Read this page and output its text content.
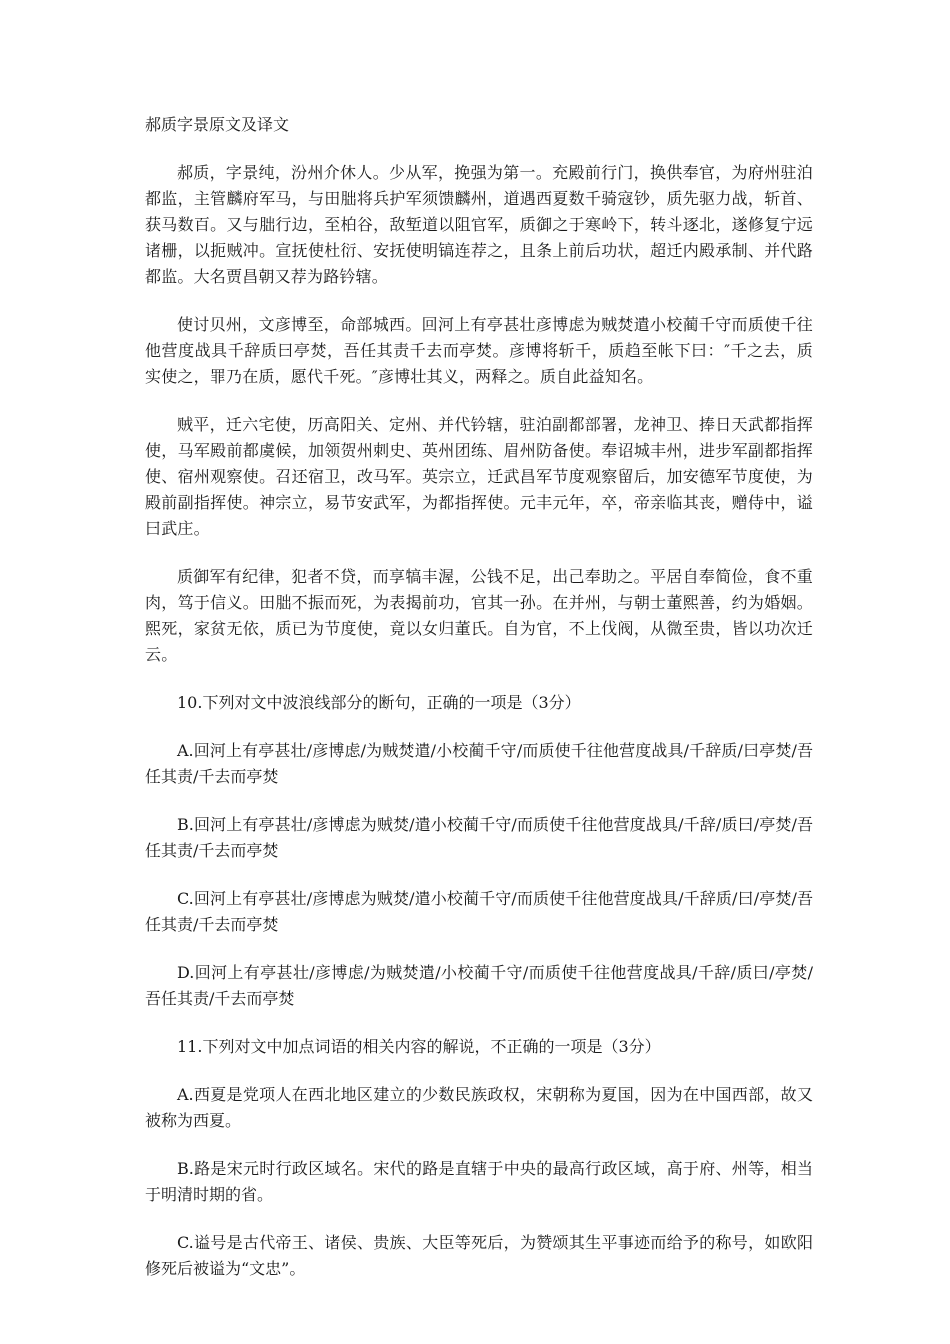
郝质字景原文及译文

郝质，字景纯，汾州介休人。少从军，挽强为第一。充殿前行门，换供奉官，为府州驻泊都监，主管麟府军马，与田朏将兵护军须馈麟州，道遇西夏数千骑寇钞，质先驱力战，斩首、获马数百。又与朏行边，至柏谷，敌堑道以阻官军，质御之于寒岭下，转斗逐北，遂修复宁远诸栅，以扼贼冲。宣抚使杜衍、安抚使明镐连荐之，且条上前后功状，超迁内殿承制、并代路都监。大名贾昌朝又荐为路钤辖。

使讨贝州，文彦博至，命部城西。回河上有亭甚壮彦博虑为贼焚遣小校蔺千守而质使千往他营度战具千辞质曰亭焚，吾任其责千去而亭焚。彦博将斩千，质趋至帐下曰：″千之去，质实使之，罪乃在质，愿代千死。″彦博壮其义，两释之。质自此益知名。

贼平，迁六宅使，历高阳关、定州、并代钤辖，驻泊副都部署，龙神卫、捧日天武都指挥使，马军殿前都虞候，加领贺州刺史、英州团练、眉州防备使。奉诏城丰州，进步军副都指挥使、宿州观察使。召还宿卫，改马军。英宗立，迁武昌军节度观察留后，加安德军节度使，为殿前副指挥使。神宗立，易节安武军，为都指挥使。元丰元年，卒，帝亲临其丧，赠侍中，谥曰武庄。

质御军有纪律，犯者不贷，而享犒丰渥，公钱不足，出己奉助之。平居自奉简俭，食不重肉，笃于信义。田朏不振而死，为表揭前功，官其一孙。在并州，与朝士董熙善，约为婚姻。熙死，家贫无依，质已为节度使，竟以女归董氏。自为官，不上伐阀，从微至贵，皆以功次迁云。

10.下列对文中波浪线部分的断句，正确的一项是（3分）

A.回河上有亭甚壮/彦博虑/为贼焚遣/小校蔺千守/而质使千往他营度战具/千辞质/曰亭焚/吾任其责/千去而亭焚

B.回河上有亭甚壮/彦博虑为贼焚/遣小校蔺千守/而质使千往他营度战具/千辞/质曰/亭焚/吾任其责/千去而亭焚

C.回河上有亭甚壮/彦博虑为贼焚/遣小校蔺千守/而质使千往他营度战具/千辞质/曰/亭焚/吾任其责/千去而亭焚

D.回河上有亭甚壮/彦博虑/为贼焚遣/小校蔺千守/而质使千往他营度战具/千辞/质曰/亭焚/吾任其责/千去而亭焚

11.下列对文中加点词语的相关内容的解说，不正确的一项是（3分）

A.西夏是党项人在西北地区建立的少数民族政权，宋朝称为夏国，因为在中国西部，故又被称为西夏。

B.路是宋元时行政区域名。宋代的路是直辖于中央的最高行政区域，高于府、州等，相当于明清时期的省。

C.谥号是古代帝王、诸侯、贵族、大臣等死后，为赞颂其生平事迹而给予的称号，如欧阳修死后被谥为“文忠”。
